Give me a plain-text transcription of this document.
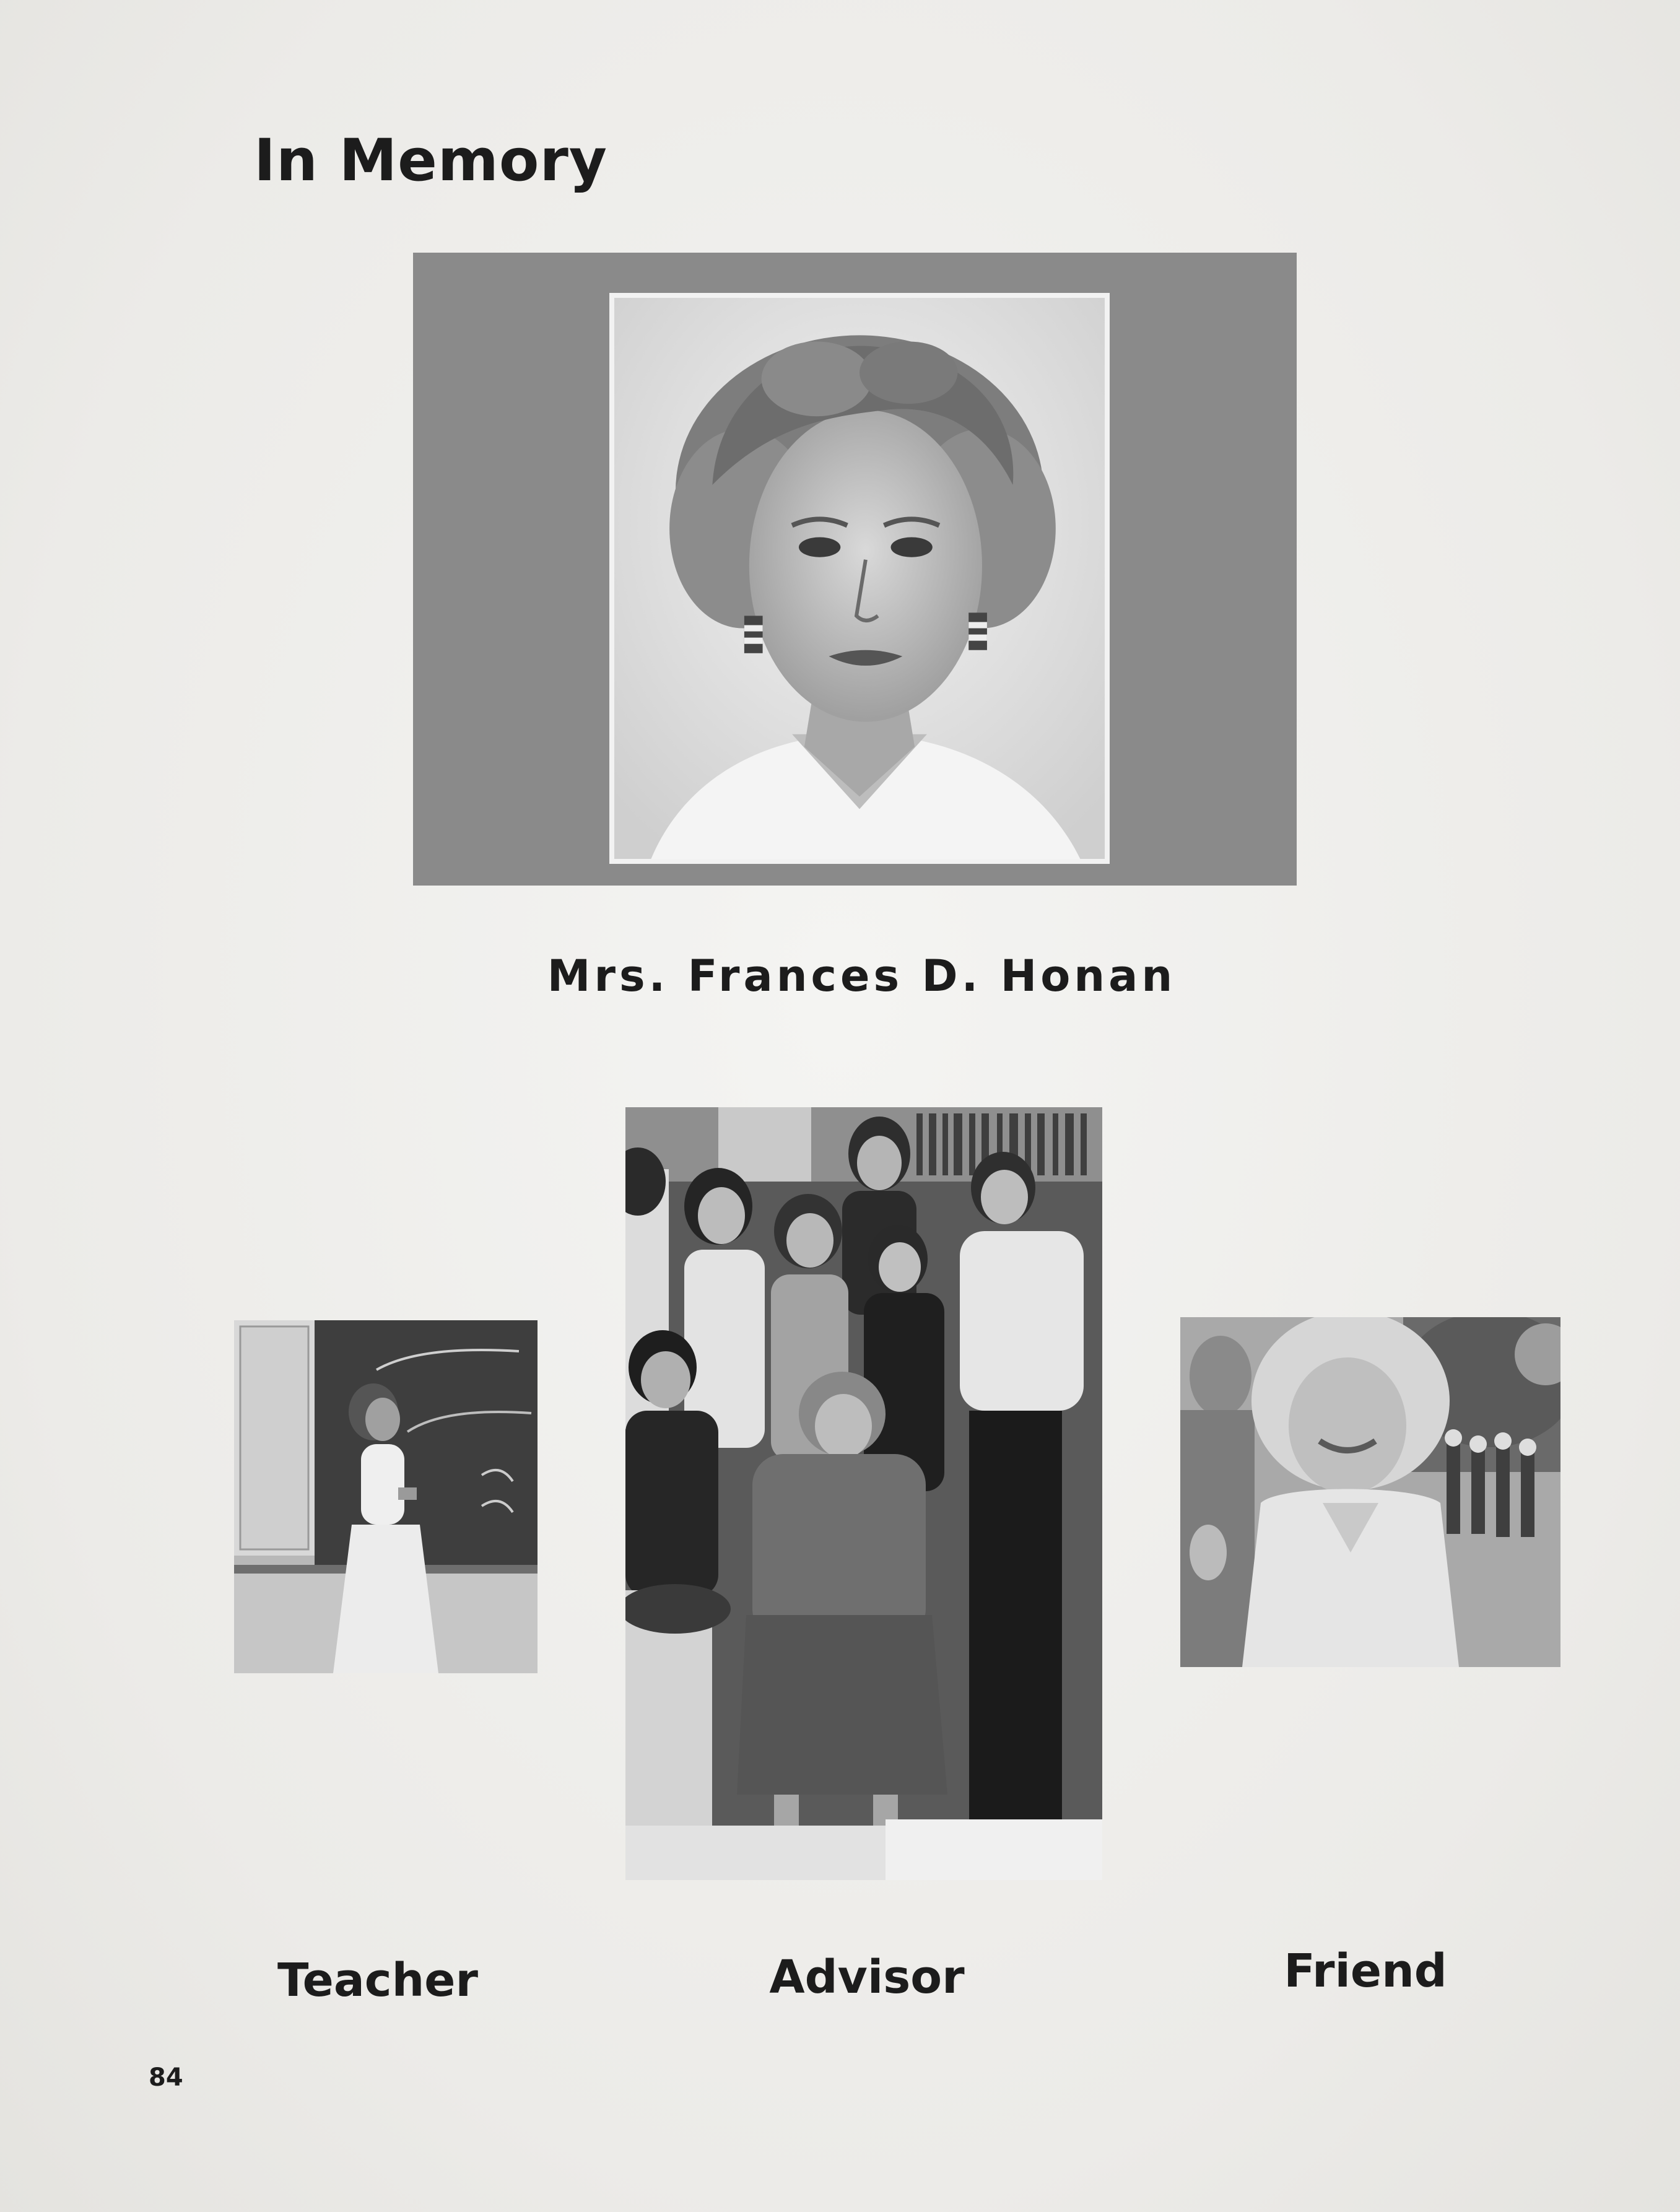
In Memory
Mrs. Frances D. Honan
Teacher	Advisor	Friend
84
